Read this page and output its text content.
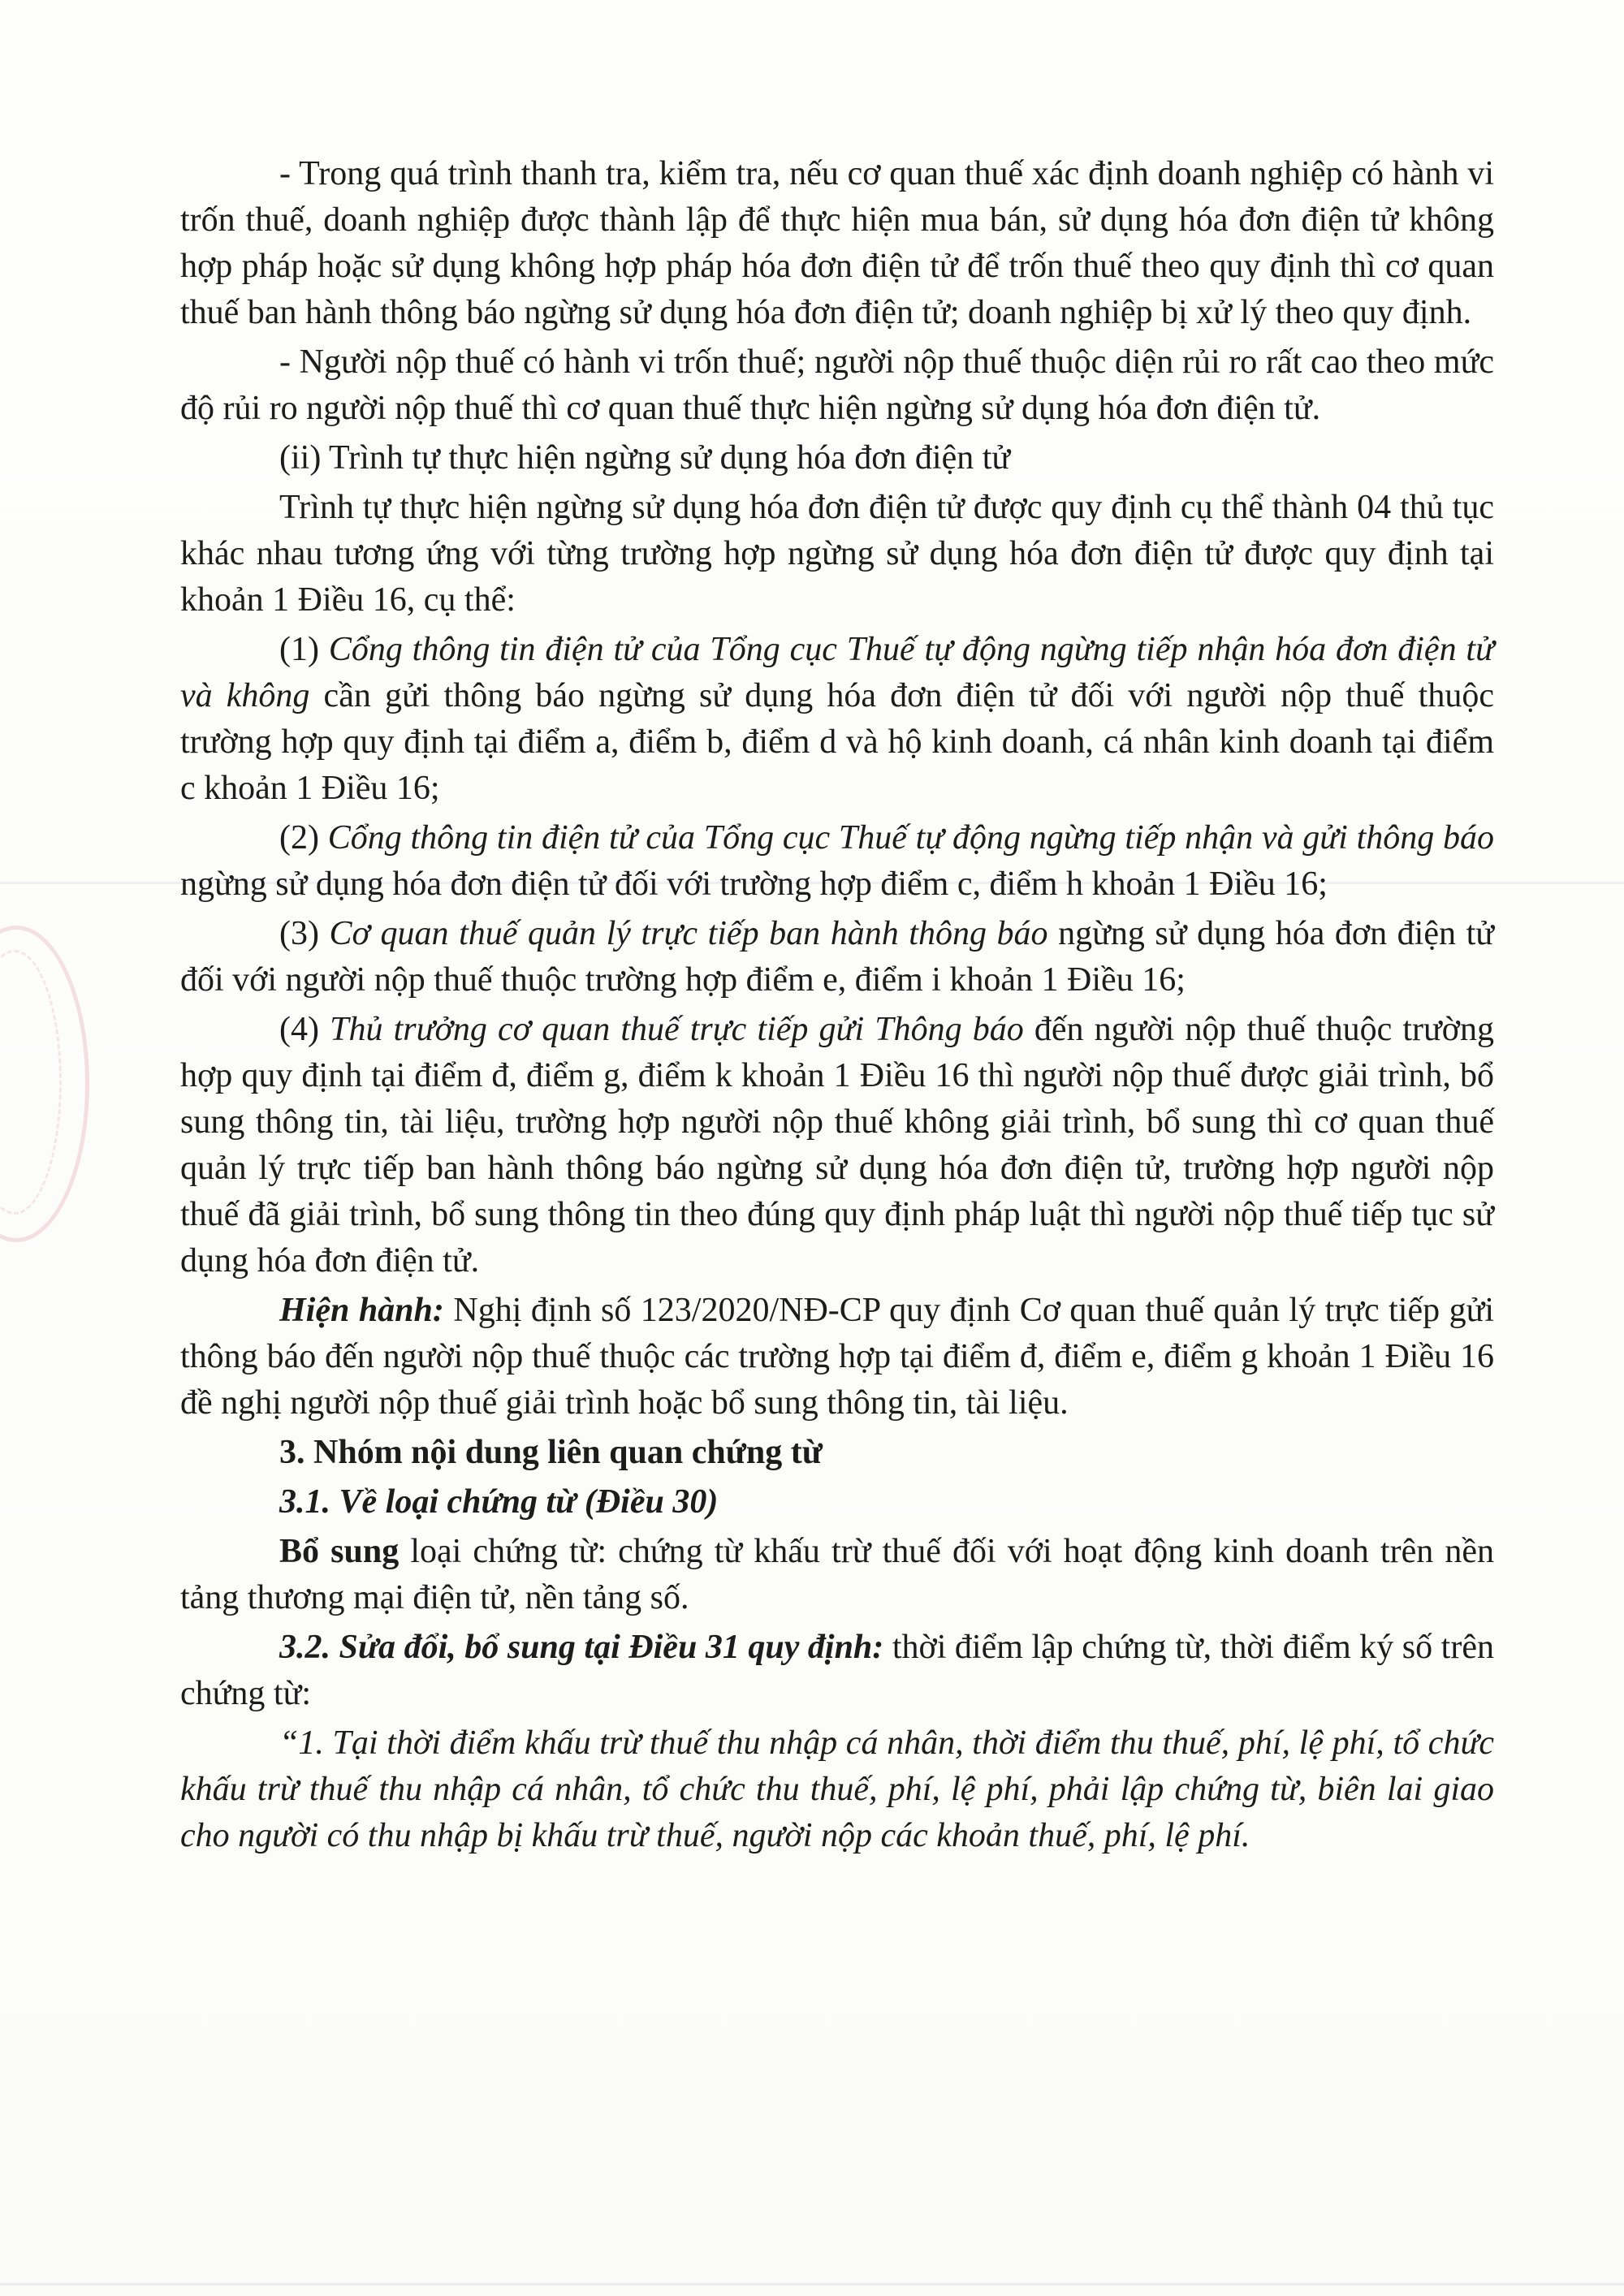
- Trong quá trình thanh tra, kiểm tra, nếu cơ quan thuế xác định doanh nghiệp có hành vi trốn thuế, doanh nghiệp được thành lập để thực hiện mua bán, sử dụng hóa đơn điện tử không hợp pháp hoặc sử dụng không hợp pháp hóa đơn điện tử để trốn thuế theo quy định thì cơ quan thuế ban hành thông báo ngừng sử dụng hóa đơn điện tử; doanh nghiệp bị xử lý theo quy định.

- Người nộp thuế có hành vi trốn thuế; người nộp thuế thuộc diện rủi ro rất cao theo mức độ rủi ro người nộp thuế thì cơ quan thuế thực hiện ngừng sử dụng hóa đơn điện tử.

(ii) Trình tự thực hiện ngừng sử dụng hóa đơn điện tử

Trình tự thực hiện ngừng sử dụng hóa đơn điện tử được quy định cụ thể thành 04 thủ tục khác nhau tương ứng với từng trường hợp ngừng sử dụng hóa đơn điện tử được quy định tại khoản 1 Điều 16, cụ thể:

(1) Cổng thông tin điện tử của Tổng cục Thuế tự động ngừng tiếp nhận hóa đơn điện tử và không cần gửi thông báo ngừng sử dụng hóa đơn điện tử đối với người nộp thuế thuộc trường hợp quy định tại điểm a, điểm b, điểm d và hộ kinh doanh, cá nhân kinh doanh tại điểm c khoản 1 Điều 16;

(2) Cổng thông tin điện tử của Tổng cục Thuế tự động ngừng tiếp nhận và gửi thông báo ngừng sử dụng hóa đơn điện tử đối với trường hợp điểm c, điểm h khoản 1 Điều 16;

(3) Cơ quan thuế quản lý trực tiếp ban hành thông báo ngừng sử dụng hóa đơn điện tử đối với người nộp thuế thuộc trường hợp điểm e, điểm i khoản 1 Điều 16;

(4) Thủ trưởng cơ quan thuế trực tiếp gửi Thông báo đến người nộp thuế thuộc trường hợp quy định tại điểm đ, điểm g, điểm k khoản 1 Điều 16 thì người nộp thuế được giải trình, bổ sung thông tin, tài liệu, trường hợp người nộp thuế không giải trình, bổ sung thì cơ quan thuế quản lý trực tiếp ban hành thông báo ngừng sử dụng hóa đơn điện tử, trường hợp người nộp thuế đã giải trình, bổ sung thông tin theo đúng quy định pháp luật thì người nộp thuế tiếp tục sử dụng hóa đơn điện tử.

Hiện hành: Nghị định số 123/2020/NĐ-CP quy định Cơ quan thuế quản lý trực tiếp gửi thông báo đến người nộp thuế thuộc các trường hợp tại điểm đ, điểm e, điểm g khoản 1 Điều 16 đề nghị người nộp thuế giải trình hoặc bổ sung thông tin, tài liệu.

3. Nhóm nội dung liên quan chứng từ

3.1. Về loại chứng từ (Điều 30)

Bổ sung loại chứng từ: chứng từ khấu trừ thuế đối với hoạt động kinh doanh trên nền tảng thương mại điện tử, nền tảng số.

3.2. Sửa đổi, bổ sung tại Điều 31 quy định: thời điểm lập chứng từ, thời điểm ký số trên chứng từ:

“1. Tại thời điểm khấu trừ thuế thu nhập cá nhân, thời điểm thu thuế, phí, lệ phí, tổ chức khấu trừ thuế thu nhập cá nhân, tổ chức thu thuế, phí, lệ phí, phải lập chứng từ, biên lai giao cho người có thu nhập bị khấu trừ thuế, người nộp các khoản thuế, phí, lệ phí.
